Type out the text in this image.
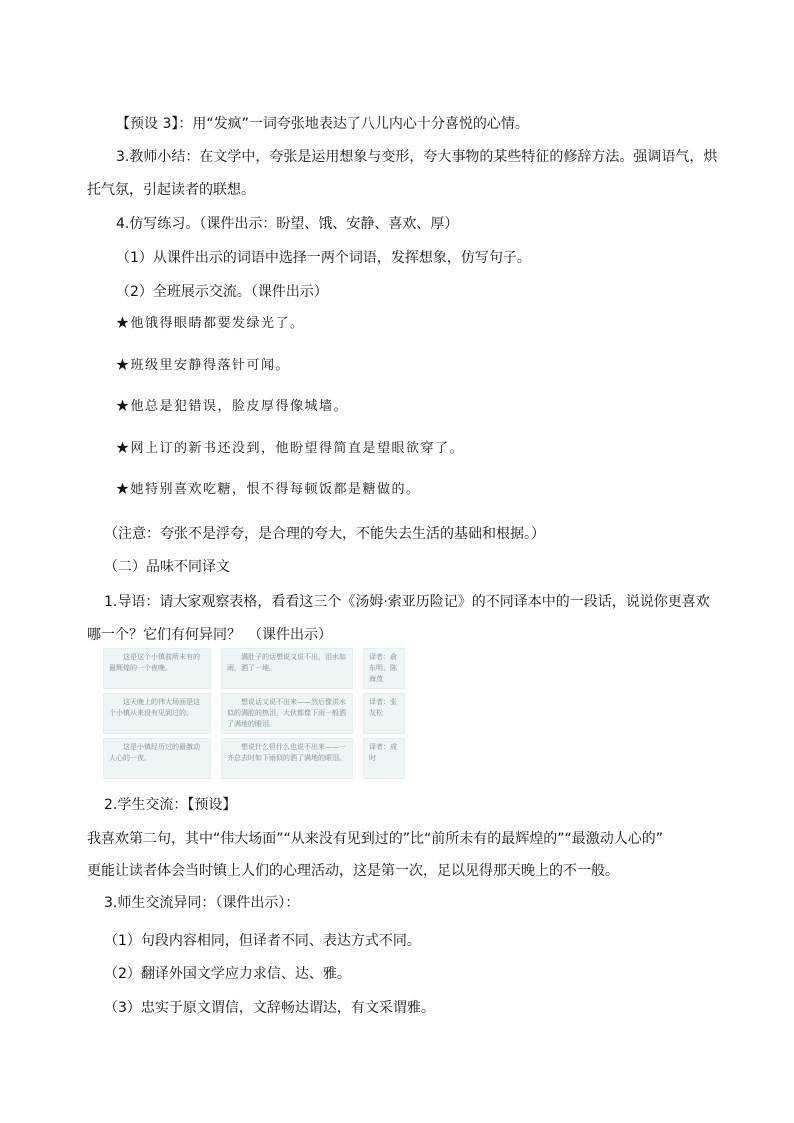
【预设 3】：用“发疯”一词夸张地表达了八儿内心十分喜悦的心情。
3.教师小结：在文学中，夸张是运用想象与变形，夸大事物的某些特征的修辞方法。强调语气，烘
托气氛，引起读者的联想。
4.仿写练习。（课件出示：盼望、饿、安静、喜欢、厚）
（1）从课件出示的词语中选择一两个词语，发挥想象，仿写句子。
（2）全班展示交流。（课件出示）
★他饿得眼睛都要发绿光了。
★班级里安静得落针可闻。
★他总是犯错误，脸皮厚得像城墙。
★网上订的新书还没到，他盼望得简直是望眼欲穿了。
★她特别喜欢吃糖，恨不得每顿饭都是糖做的。
（注意：夸张不是浮夸，是合理的夸大，不能失去生活的基础和根据。）
（二）品味不同译文
1.导语：请大家观察表格，看看这三个《汤姆·索亚历险记》的不同译本中的一段话，说说你更喜欢
哪一个？它们有何异同？　（课件出示）
这是这个小镇前所未有的最辉煌的一个夜晚。
满肚子的话想说又说不出，泪水如雨，洒了一地。
译者：俞东明、陈海茂
这天晚上的伟大场面是这个小镇从来没有见到过的。
想说话又说不出来——然后像洪水似的满腔的热泪，大伙都像下雨一般洒了满地的眼泪。
译者：张友松
这是小镇经历过的最激动人心的一夜。
想说什么但什么也说不出来——一齐总去时如下雨似的洒了满地的眼泪。
译者：成时
2.学生交流：【预设】
我喜欢第二句，其中“伟大场面”“从来没有见到过的”比“前所未有的最辉煌的”“最激动人心的”
更能让读者体会当时镇上人们的心理活动，这是第一次，足以见得那天晚上的不一般。
3.师生交流异同：（课件出示）：
（1）句段内容相同，但译者不同、表达方式不同。
（2）翻译外国文学应力求信、达、雅。
（3）忠实于原文谓信，文辞畅达谓达，有文采谓雅。
